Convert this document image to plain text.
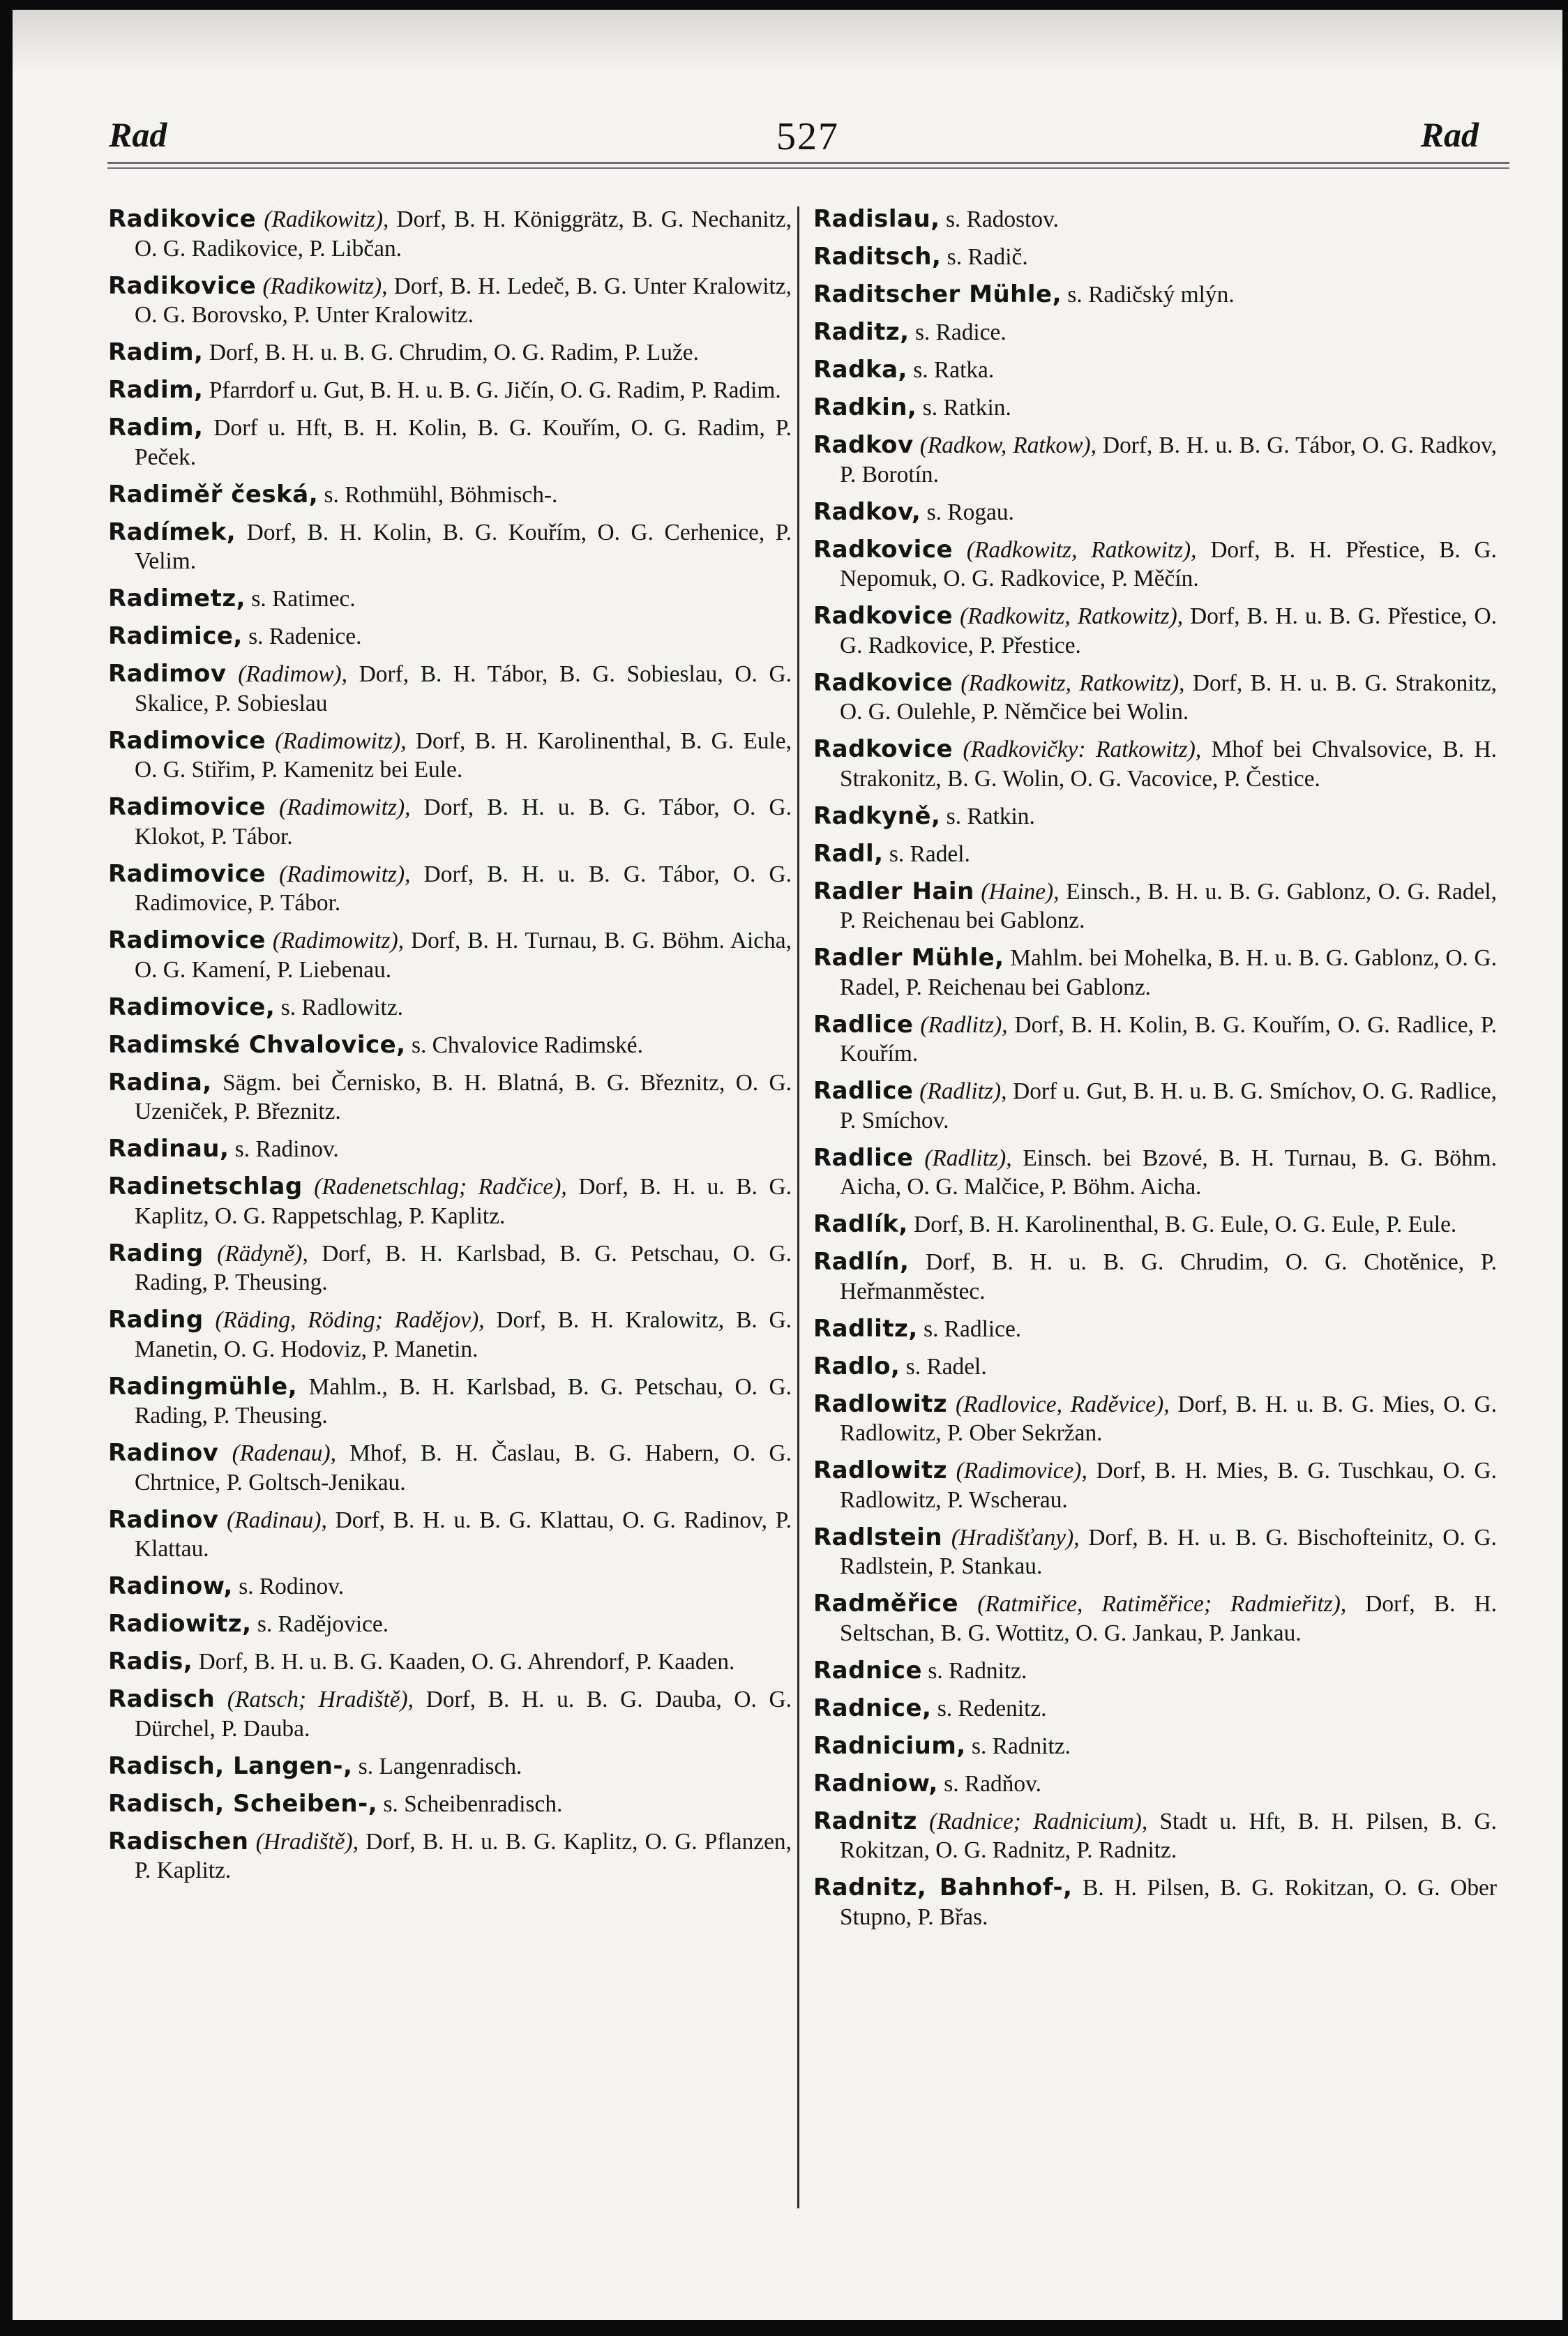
Rad	527	Rad

Radikovice (Radikowitz), Dorf, B. H. Königgrätz, B. G. Nechanitz, O. G. Radikovice, P. Libčan.

Radikovice (Radikowitz), Dorf, B. H. Ledeč, B. G. Unter Kralowitz, O. G. Borovsko, P. Unter Kralowitz.

Radim, Dorf, B. H. u. B. G. Chrudim, O. G. Radim, P. Luže.

Radim, Pfarrdorf u. Gut, B. H. u. B. G. Jičín, O. G. Radim, P. Radim.

Radim, Dorf u. Hft, B. H. Kolin, B. G. Kouřím, O. G. Radim, P. Peček.

Radiměř česká, s. Rothmühl, Böhmisch-.

Radímek, Dorf, B. H. Kolin, B. G. Kouřím, O. G. Cerhenice, P. Velim.

Radimetz, s. Ratimec.

Radimice, s. Radenice.

Radimov (Radimow), Dorf, B. H. Tábor, B. G. Sobieslau, O. G. Skalice, P. Sobieslau

Radimovice (Radimowitz), Dorf, B. H. Karolinenthal, B. G. Eule, O. G. Stiřim, P. Kamenitz bei Eule.

Radimovice (Radimowitz), Dorf, B. H. u. B. G. Tábor, O. G. Klokot, P. Tábor.

Radimovice (Radimowitz), Dorf, B. H. u. B. G. Tábor, O. G. Radimovice, P. Tábor.

Radimovice (Radimowitz), Dorf, B. H. Turnau, B. G. Böhm. Aicha, O. G. Kamení, P. Liebenau.

Radimovice, s. Radlowitz.

Radimské Chvalovice, s. Chvalovice Radimské.

Radina, Sägm. bei Černisko, B. H. Blatná, B. G. Březnitz, O. G. Uzeniček, P. Březnitz.

Radinau, s. Radinov.

Radinetschlag (Radenetschlag; Radčice), Dorf, B. H. u. B. G. Kaplitz, O. G. Rappetschlag, P. Kaplitz.

Rading (Rädyně), Dorf, B. H. Karlsbad, B. G. Petschau, O. G. Rading, P. Theusing.

Rading (Räding, Röding; Radějov), Dorf, B. H. Kralowitz, B. G. Manetin, O. G. Hodoviz, P. Manetin.

Radingmühle, Mahlm., B. H. Karlsbad, B. G. Petschau, O. G. Rading, P. Theusing.

Radinov (Radenau), Mhof, B. H. Časlau, B. G. Habern, O. G. Chrtnice, P. Goltsch-Jenikau.

Radinov (Radinau), Dorf, B. H. u. B. G. Klattau, O. G. Radinov, P. Klattau.

Radinow, s. Rodinov.

Radiowitz, s. Radějovice.

Radis, Dorf, B. H. u. B. G. Kaaden, O. G. Ahrendorf, P. Kaaden.

Radisch (Ratsch; Hradiště), Dorf, B. H. u. B. G. Dauba, O. G. Dürchel, P. Dauba.

Radisch, Langen-, s. Langenradisch.

Radisch, Scheiben-, s. Scheibenradisch.

Radischen (Hradiště), Dorf, B. H. u. B. G. Kaplitz, O. G. Pflanzen, P. Kaplitz.

Radislau, s. Radostov.

Raditsch, s. Radič.

Raditscher Mühle, s. Radičský mlýn.

Raditz, s. Radice.

Radka, s. Ratka.

Radkin, s. Ratkin.

Radkov (Radkow, Ratkow), Dorf, B. H. u. B. G. Tábor, O. G. Radkov, P. Borotín.

Radkov, s. Rogau.

Radkovice (Radkowitz, Ratkowitz), Dorf, B. H. Přestice, B. G. Nepomuk, O. G. Radkovice, P. Měčín.

Radkovice (Radkowitz, Ratkowitz), Dorf, B. H. u. B. G. Přestice, O. G. Radkovice, P. Přestice.

Radkovice (Radkowitz, Ratkowitz), Dorf, B. H. u. B. G. Strakonitz, O. G. Oulehle, P. Němčice bei Wolin.

Radkovice (Radkovičky: Ratkowitz), Mhof bei Chvalsovice, B. H. Strakonitz, B. G. Wolin, O. G. Vacovice, P. Čestice.

Radkyně, s. Ratkin.

Radl, s. Radel.

Radler Hain (Haine), Einsch., B. H. u. B. G. Gablonz, O. G. Radel, P. Reichenau bei Gablonz.

Radler Mühle, Mahlm. bei Mohelka, B. H. u. B. G. Gablonz, O. G. Radel, P. Reichenau bei Gablonz.

Radlice (Radlitz), Dorf, B. H. Kolin, B. G. Kouřím, O. G. Radlice, P. Kouřím.

Radlice (Radlitz), Dorf u. Gut, B. H. u. B. G. Smíchov, O. G. Radlice, P. Smíchov.

Radlice (Radlitz), Einsch. bei Bzové, B. H. Turnau, B. G. Böhm. Aicha, O. G. Malčice, P. Böhm. Aicha.

Radlík, Dorf, B. H. Karolinenthal, B. G. Eule, O. G. Eule, P. Eule.

Radlín, Dorf, B. H. u. B. G. Chrudim, O. G. Chotěnice, P. Heřmanměstec.

Radlitz, s. Radlice.

Radlo, s. Radel.

Radlowitz (Radlovice, Raděvice), Dorf, B. H. u. B. G. Mies, O. G. Radlowitz, P. Ober Sekržan.

Radlowitz (Radimovice), Dorf, B. H. Mies, B. G. Tuschkau, O. G. Radlowitz, P. Wscherau.

Radlstein (Hradišťany), Dorf, B. H. u. B. G. Bischofteinitz, O. G. Radlstein, P. Stankau.

Radměřice (Ratmiřice, Ratiměřice; Radmieřitz), Dorf, B. H. Seltschan, B. G. Wottitz, O. G. Jankau, P. Jankau.

Radnice s. Radnitz.

Radnice, s. Redenitz.

Radnicium, s. Radnitz.

Radniow, s. Radňov.

Radnitz (Radnice; Radnicium), Stadt u. Hft, B. H. Pilsen, B. G. Rokitzan, O. G. Radnitz, P. Radnitz.

Radnitz, Bahnhof-, B. H. Pilsen, B. G. Rokitzan, O. G. Ober Stupno, P. Břas.
